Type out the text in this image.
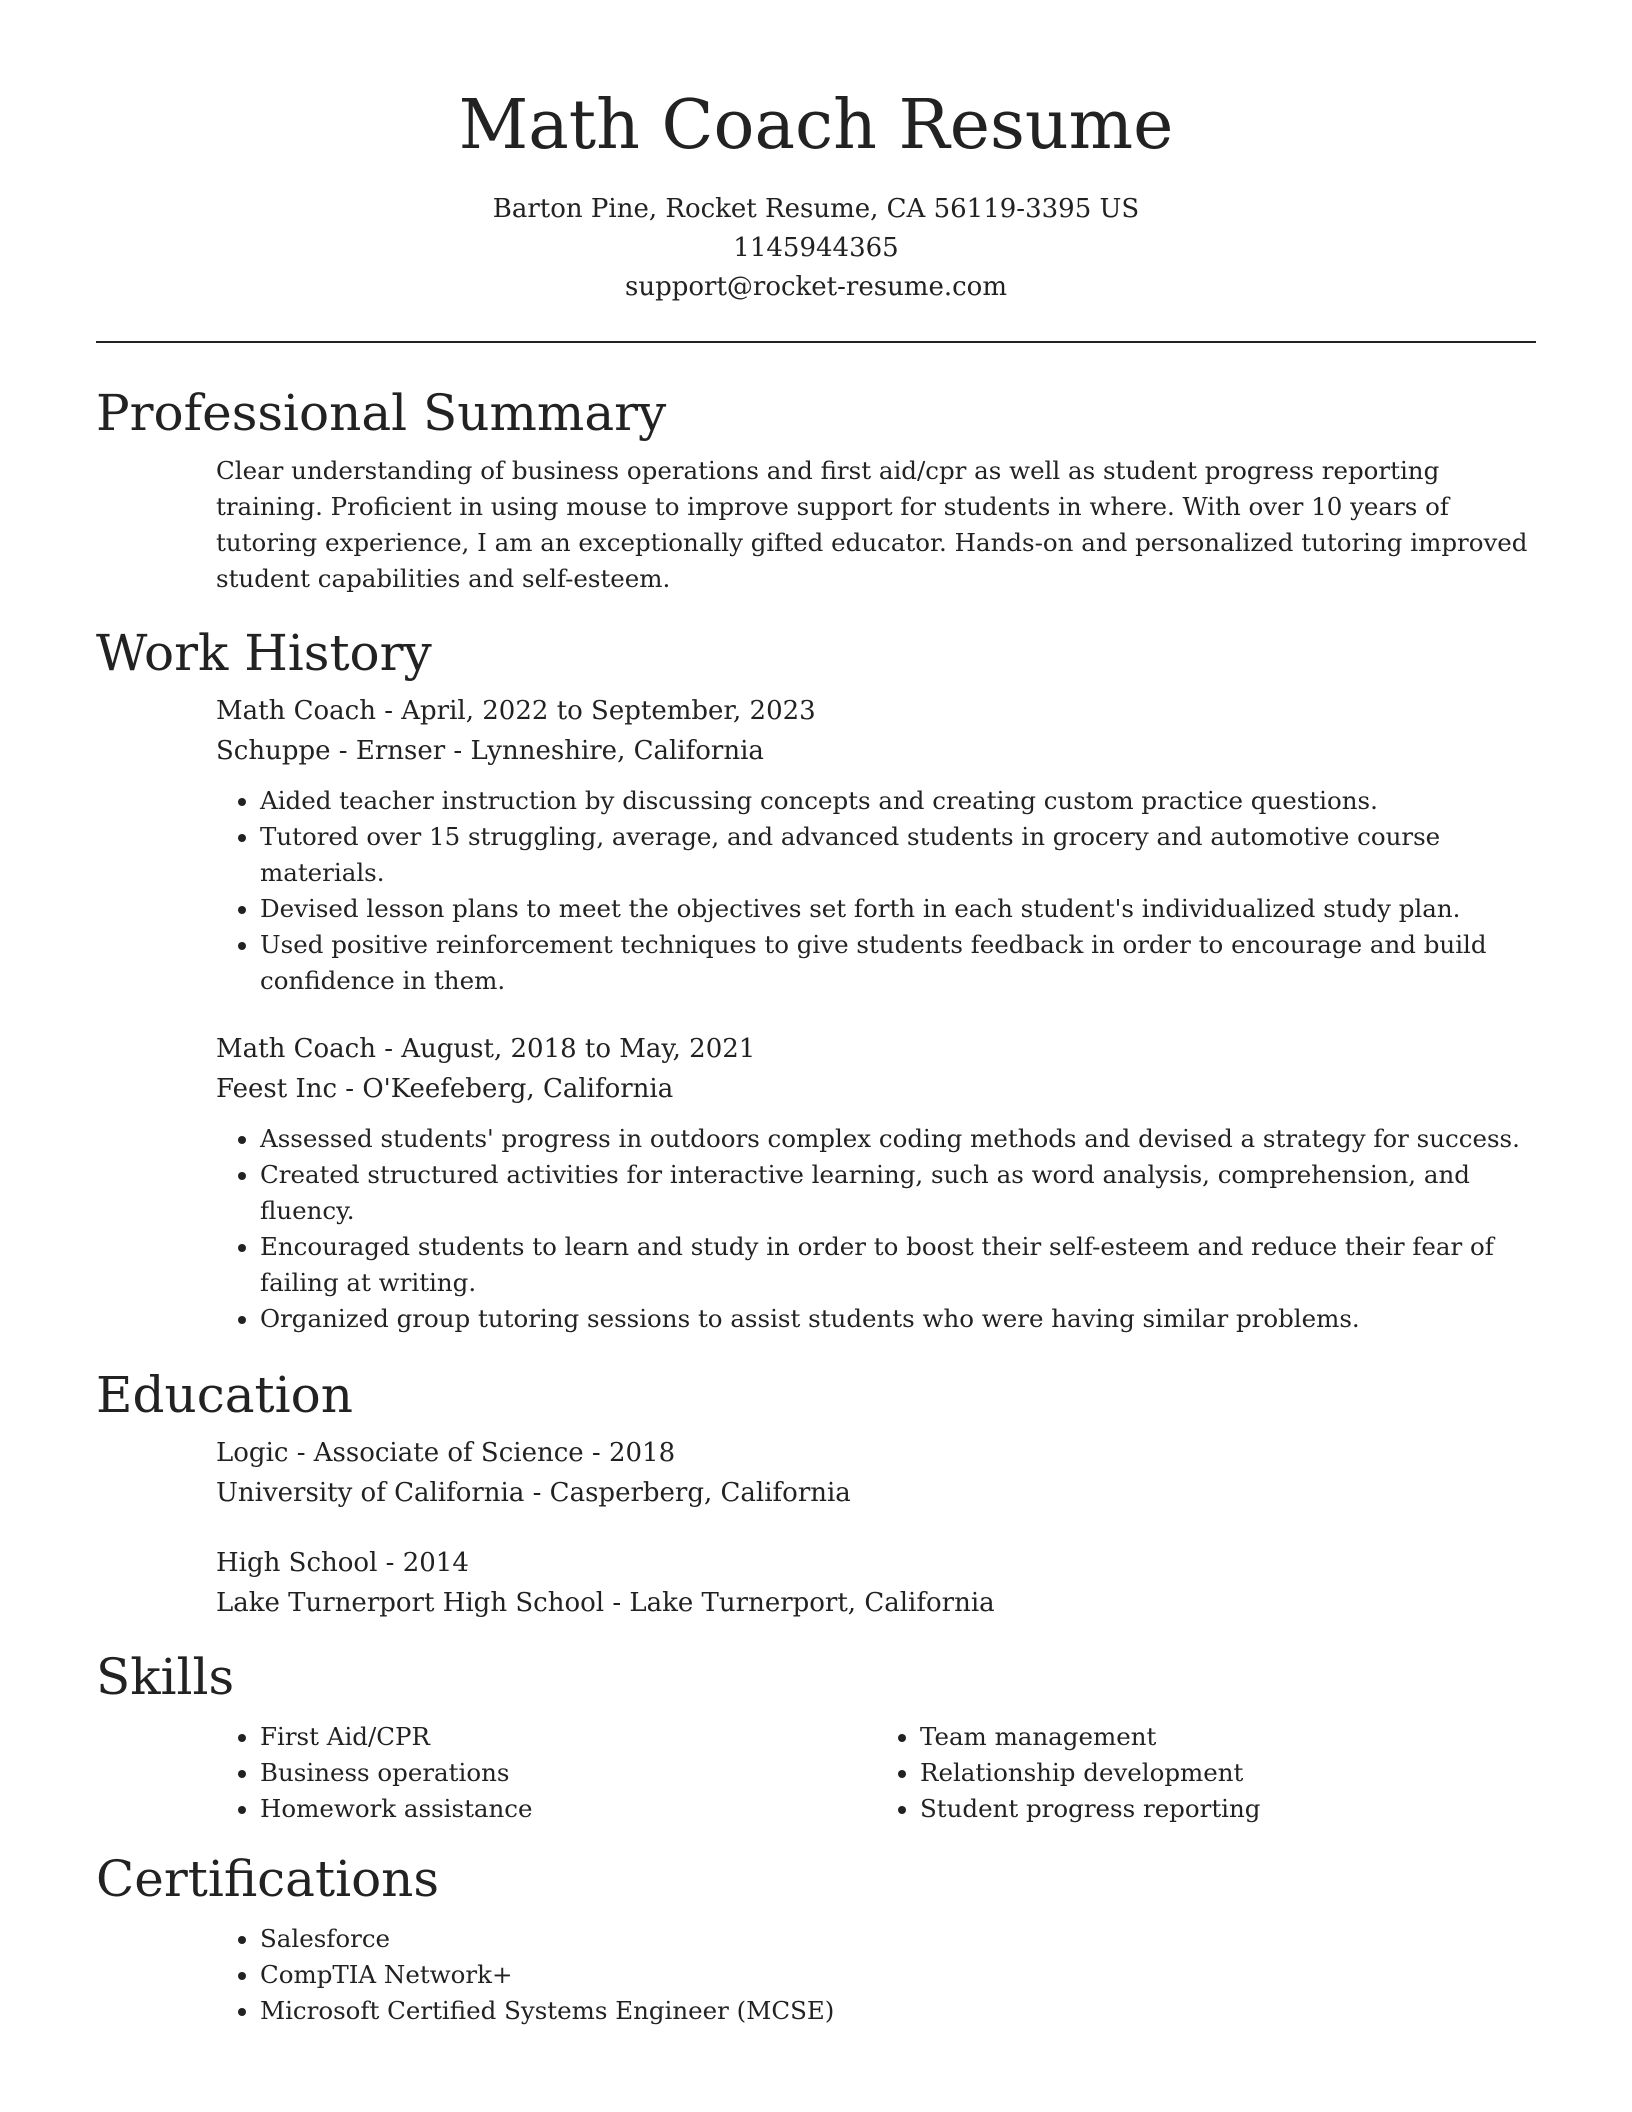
Math Coach Resume
Barton Pine, Rocket Resume, CA 56119-3395 US
1145944365
support@rocket-resume.com
Professional Summary
Clear understanding of business operations and first aid/cpr as well as student progress reporting training. Proficient in using mouse to improve support for students in where. With over 10 years of tutoring experience, I am an exceptionally gifted educator. Hands-on and personalized tutoring improved student capabilities and self-esteem.
Work History
Math Coach - April, 2022 to September, 2023
Schuppe - Ernser - Lynneshire, California
• Aided teacher instruction by discussing concepts and creating custom practice questions.
• Tutored over 15 struggling, average, and advanced students in grocery and automotive course materials.
• Devised lesson plans to meet the objectives set forth in each student's individualized study plan.
• Used positive reinforcement techniques to give students feedback in order to encourage and build confidence in them.
Math Coach - August, 2018 to May, 2021
Feest Inc - O'Keefeberg, California
• Assessed students' progress in outdoors complex coding methods and devised a strategy for success.
• Created structured activities for interactive learning, such as word analysis, comprehension, and fluency.
• Encouraged students to learn and study in order to boost their self-esteem and reduce their fear of failing at writing.
• Organized group tutoring sessions to assist students who were having similar problems.
Education
Logic - Associate of Science - 2018
University of California - Casperberg, California
High School - 2014
Lake Turnerport High School - Lake Turnerport, California
Skills
• First Aid/CPR
• Business operations
• Homework assistance
• Team management
• Relationship development
• Student progress reporting
Certifications
• Salesforce
• CompTIA Network+
• Microsoft Certified Systems Engineer (MCSE)
